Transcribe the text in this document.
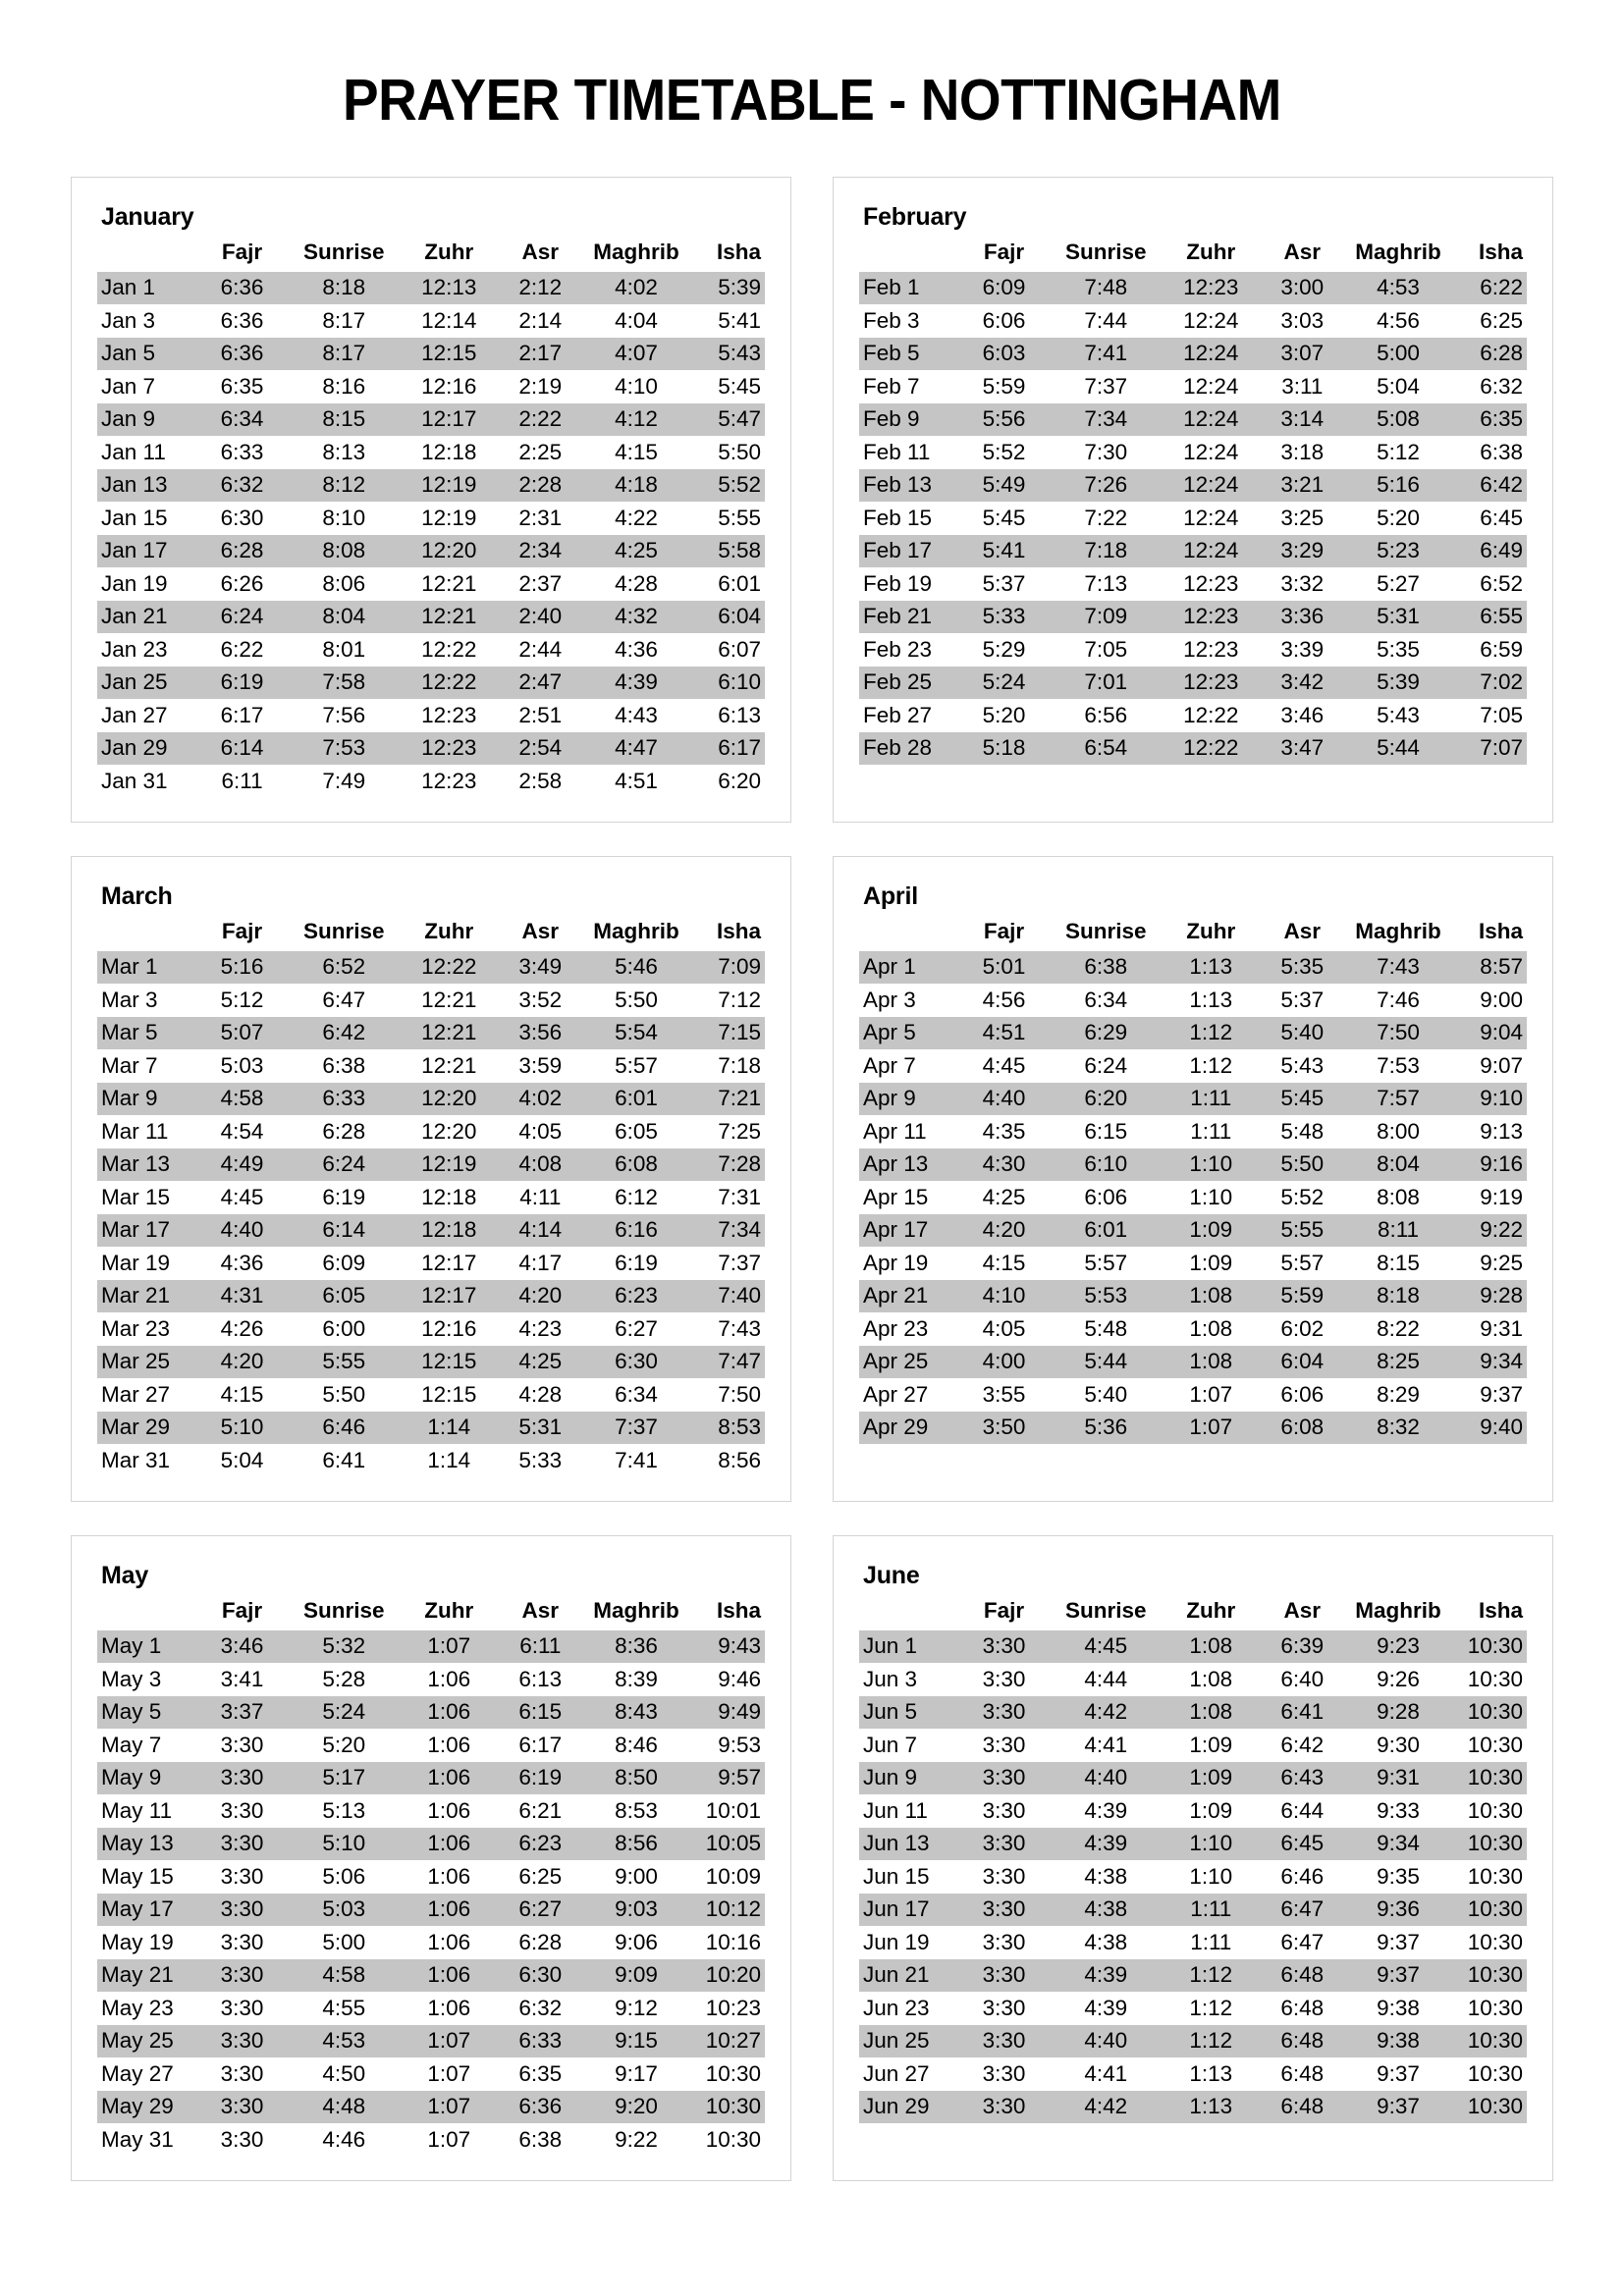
PRAYER TIMETABLE - NOTTINGHAM
January
	Fajr	Sunrise	Zuhr	Asr	Maghrib	Isha
Jan 1	6:36	8:18	12:13	2:12	4:02	5:39
Jan 3	6:36	8:17	12:14	2:14	4:04	5:41
Jan 5	6:36	8:17	12:15	2:17	4:07	5:43
Jan 7	6:35	8:16	12:16	2:19	4:10	5:45
Jan 9	6:34	8:15	12:17	2:22	4:12	5:47
Jan 11	6:33	8:13	12:18	2:25	4:15	5:50
Jan 13	6:32	8:12	12:19	2:28	4:18	5:52
Jan 15	6:30	8:10	12:19	2:31	4:22	5:55
Jan 17	6:28	8:08	12:20	2:34	4:25	5:58
Jan 19	6:26	8:06	12:21	2:37	4:28	6:01
Jan 21	6:24	8:04	12:21	2:40	4:32	6:04
Jan 23	6:22	8:01	12:22	2:44	4:36	6:07
Jan 25	6:19	7:58	12:22	2:47	4:39	6:10
Jan 27	6:17	7:56	12:23	2:51	4:43	6:13
Jan 29	6:14	7:53	12:23	2:54	4:47	6:17
Jan 31	6:11	7:49	12:23	2:58	4:51	6:20
February
	Fajr	Sunrise	Zuhr	Asr	Maghrib	Isha
Feb 1	6:09	7:48	12:23	3:00	4:53	6:22
Feb 3	6:06	7:44	12:24	3:03	4:56	6:25
Feb 5	6:03	7:41	12:24	3:07	5:00	6:28
Feb 7	5:59	7:37	12:24	3:11	5:04	6:32
Feb 9	5:56	7:34	12:24	3:14	5:08	6:35
Feb 11	5:52	7:30	12:24	3:18	5:12	6:38
Feb 13	5:49	7:26	12:24	3:21	5:16	6:42
Feb 15	5:45	7:22	12:24	3:25	5:20	6:45
Feb 17	5:41	7:18	12:24	3:29	5:23	6:49
Feb 19	5:37	7:13	12:23	3:32	5:27	6:52
Feb 21	5:33	7:09	12:23	3:36	5:31	6:55
Feb 23	5:29	7:05	12:23	3:39	5:35	6:59
Feb 25	5:24	7:01	12:23	3:42	5:39	7:02
Feb 27	5:20	6:56	12:22	3:46	5:43	7:05
Feb 28	5:18	6:54	12:22	3:47	5:44	7:07
March
	Fajr	Sunrise	Zuhr	Asr	Maghrib	Isha
Mar 1	5:16	6:52	12:22	3:49	5:46	7:09
Mar 3	5:12	6:47	12:21	3:52	5:50	7:12
Mar 5	5:07	6:42	12:21	3:56	5:54	7:15
Mar 7	5:03	6:38	12:21	3:59	5:57	7:18
Mar 9	4:58	6:33	12:20	4:02	6:01	7:21
Mar 11	4:54	6:28	12:20	4:05	6:05	7:25
Mar 13	4:49	6:24	12:19	4:08	6:08	7:28
Mar 15	4:45	6:19	12:18	4:11	6:12	7:31
Mar 17	4:40	6:14	12:18	4:14	6:16	7:34
Mar 19	4:36	6:09	12:17	4:17	6:19	7:37
Mar 21	4:31	6:05	12:17	4:20	6:23	7:40
Mar 23	4:26	6:00	12:16	4:23	6:27	7:43
Mar 25	4:20	5:55	12:15	4:25	6:30	7:47
Mar 27	4:15	5:50	12:15	4:28	6:34	7:50
Mar 29	5:10	6:46	1:14	5:31	7:37	8:53
Mar 31	5:04	6:41	1:14	5:33	7:41	8:56
April
	Fajr	Sunrise	Zuhr	Asr	Maghrib	Isha
Apr 1	5:01	6:38	1:13	5:35	7:43	8:57
Apr 3	4:56	6:34	1:13	5:37	7:46	9:00
Apr 5	4:51	6:29	1:12	5:40	7:50	9:04
Apr 7	4:45	6:24	1:12	5:43	7:53	9:07
Apr 9	4:40	6:20	1:11	5:45	7:57	9:10
Apr 11	4:35	6:15	1:11	5:48	8:00	9:13
Apr 13	4:30	6:10	1:10	5:50	8:04	9:16
Apr 15	4:25	6:06	1:10	5:52	8:08	9:19
Apr 17	4:20	6:01	1:09	5:55	8:11	9:22
Apr 19	4:15	5:57	1:09	5:57	8:15	9:25
Apr 21	4:10	5:53	1:08	5:59	8:18	9:28
Apr 23	4:05	5:48	1:08	6:02	8:22	9:31
Apr 25	4:00	5:44	1:08	6:04	8:25	9:34
Apr 27	3:55	5:40	1:07	6:06	8:29	9:37
Apr 29	3:50	5:36	1:07	6:08	8:32	9:40
May
	Fajr	Sunrise	Zuhr	Asr	Maghrib	Isha
May 1	3:46	5:32	1:07	6:11	8:36	9:43
May 3	3:41	5:28	1:06	6:13	8:39	9:46
May 5	3:37	5:24	1:06	6:15	8:43	9:49
May 7	3:30	5:20	1:06	6:17	8:46	9:53
May 9	3:30	5:17	1:06	6:19	8:50	9:57
May 11	3:30	5:13	1:06	6:21	8:53	10:01
May 13	3:30	5:10	1:06	6:23	8:56	10:05
May 15	3:30	5:06	1:06	6:25	9:00	10:09
May 17	3:30	5:03	1:06	6:27	9:03	10:12
May 19	3:30	5:00	1:06	6:28	9:06	10:16
May 21	3:30	4:58	1:06	6:30	9:09	10:20
May 23	3:30	4:55	1:06	6:32	9:12	10:23
May 25	3:30	4:53	1:07	6:33	9:15	10:27
May 27	3:30	4:50	1:07	6:35	9:17	10:30
May 29	3:30	4:48	1:07	6:36	9:20	10:30
May 31	3:30	4:46	1:07	6:38	9:22	10:30
June
	Fajr	Sunrise	Zuhr	Asr	Maghrib	Isha
Jun 1	3:30	4:45	1:08	6:39	9:23	10:30
Jun 3	3:30	4:44	1:08	6:40	9:26	10:30
Jun 5	3:30	4:42	1:08	6:41	9:28	10:30
Jun 7	3:30	4:41	1:09	6:42	9:30	10:30
Jun 9	3:30	4:40	1:09	6:43	9:31	10:30
Jun 11	3:30	4:39	1:09	6:44	9:33	10:30
Jun 13	3:30	4:39	1:10	6:45	9:34	10:30
Jun 15	3:30	4:38	1:10	6:46	9:35	10:30
Jun 17	3:30	4:38	1:11	6:47	9:36	10:30
Jun 19	3:30	4:38	1:11	6:47	9:37	10:30
Jun 21	3:30	4:39	1:12	6:48	9:37	10:30
Jun 23	3:30	4:39	1:12	6:48	9:38	10:30
Jun 25	3:30	4:40	1:12	6:48	9:38	10:30
Jun 27	3:30	4:41	1:13	6:48	9:37	10:30
Jun 29	3:30	4:42	1:13	6:48	9:37	10:30
